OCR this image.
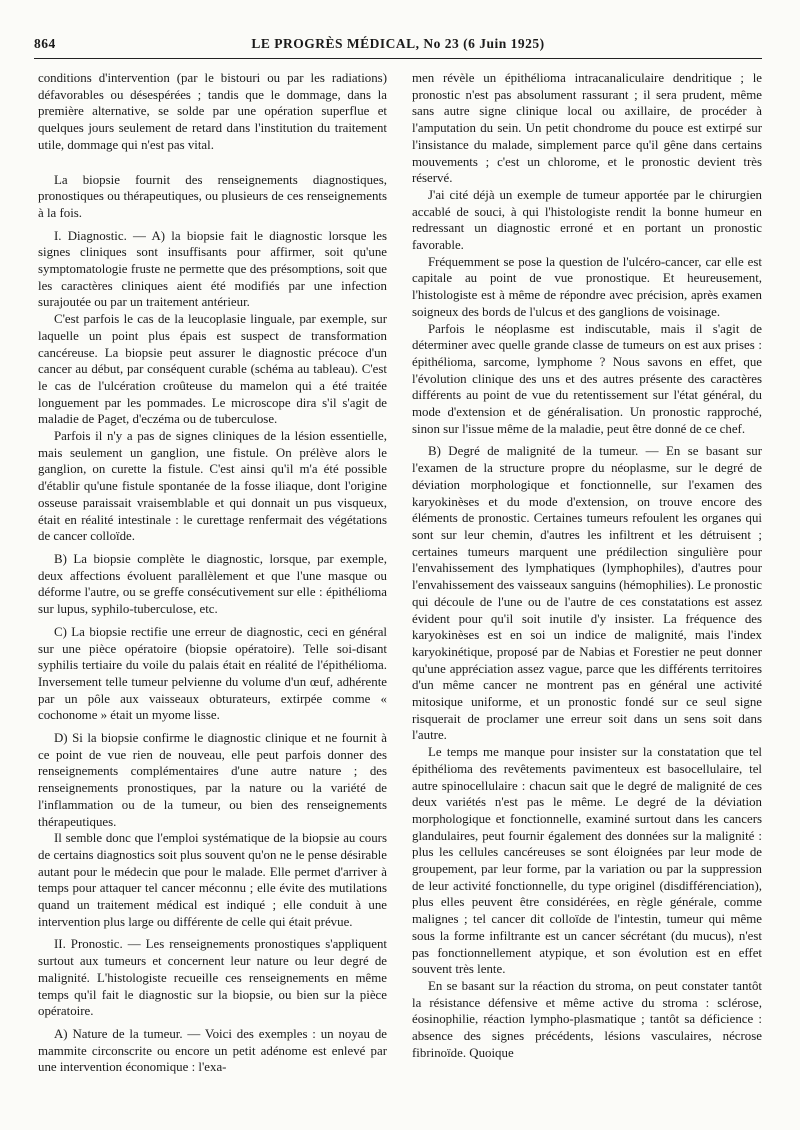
864	LE PROGRÈS MÉDICAL, No 23 (6 Juin 1925)

conditions d'intervention (par le bistouri ou par les radiations) défavorables ou désespérées ; tandis que le dommage, dans la première alternative, se solde par une opération superflue et quelques jours seulement de retard dans l'institution du traitement utile, dommage qui n'est pas vital.

La biopsie fournit des renseignements diagnostiques, pronostiques ou thérapeutiques, ou plusieurs de ces renseignements à la fois.

I. Diagnostic. — A) la biopsie fait le diagnostic lorsque les signes cliniques sont insuffisants pour affirmer, soit qu'une symptomatologie fruste ne permette que des présomptions, soit que les caractères cliniques aient été modifiés par une infection surajoutée ou par un traitement antérieur.

C'est parfois le cas de la leucoplasie linguale, par exemple, sur laquelle un point plus épais est suspect de transformation cancéreuse. La biopsie peut assurer le diagnostic précoce d'un cancer au début, par conséquent curable (schéma au tableau). C'est le cas de l'ulcération croûteuse du mamelon qui a été traitée longuement par les pommades. Le microscope dira s'il s'agit de maladie de Paget, d'eczéma ou de tuberculose.

Parfois il n'y a pas de signes cliniques de la lésion essentielle, mais seulement un ganglion, une fistule. On prélève alors le ganglion, on curette la fistule. C'est ainsi qu'il m'a été possible d'établir qu'une fistule spontanée de la fosse iliaque, dont l'origine osseuse paraissait vraisemblable et qui donnait un pus visqueux, était en réalité intestinale : le curettage renfermait des végétations de cancer colloïde.

B) La biopsie complète le diagnostic, lorsque, par exemple, deux affections évoluent parallèlement et que l'une masque ou déforme l'autre, ou se greffe consécutivement sur elle : épithélioma sur lupus, syphilo-tuberculose, etc.

C) La biopsie rectifie une erreur de diagnostic, ceci en général sur une pièce opératoire (biopsie opératoire). Telle soi-disant syphilis tertiaire du voile du palais était en réalité de l'épithélioma. Inversement telle tumeur pelvienne du volume d'un œuf, adhérente par un pôle aux vaisseaux obturateurs, extirpée comme « cochonome » était un myome lisse.

D) Si la biopsie confirme le diagnostic clinique et ne fournit à ce point de vue rien de nouveau, elle peut parfois donner des renseignements complémentaires d'une autre nature ; des renseignements pronostiques, par la nature ou la variété de l'inflammation ou de la tumeur, ou bien des renseignements thérapeutiques.

Il semble donc que l'emploi systématique de la biopsie au cours de certains diagnostics soit plus souvent qu'on ne le pense désirable autant pour le médecin que pour le malade. Elle permet d'arriver à temps pour attaquer tel cancer méconnu ; elle évite des mutilations quand un traitement médical est indiqué ; elle conduit à une intervention plus large ou différente de celle qui était prévue.

II. Pronostic. — Les renseignements pronostiques s'appliquent surtout aux tumeurs et concernent leur nature ou leur degré de malignité. L'histologiste recueille ces renseignements en même temps qu'il fait le diagnostic sur la biopsie, ou bien sur la pièce opératoire.

A) Nature de la tumeur. — Voici des exemples : un noyau de mammite circonscrite ou encore un petit adénome est enlevé par une intervention économique : l'exa-

men révèle un épithélioma intracanaliculaire dendritique ; le pronostic n'est pas absolument rassurant ; il sera prudent, même sans autre signe clinique local ou axillaire, de procéder à l'amputation du sein. Un petit chondrome du pouce est extirpé sur l'insistance du malade, simplement parce qu'il gêne dans certains mouvements ; c'est un chlorome, et le pronostic devient très réservé.

J'ai cité déjà un exemple de tumeur apportée par le chirurgien accablé de souci, à qui l'histologiste rendit la bonne humeur en redressant un diagnostic erroné et en portant un pronostic favorable.

Fréquemment se pose la question de l'ulcéro-cancer, car elle est capitale au point de vue pronostique. Et heureusement, l'histologiste est à même de répondre avec précision, après examen soigneux des bords de l'ulcus et des ganglions de voisinage.

Parfois le néoplasme est indiscutable, mais il s'agit de déterminer avec quelle grande classe de tumeurs on est aux prises : épithélioma, sarcome, lymphome ? Nous savons en effet, que l'évolution clinique des uns et des autres présente des caractères différents au point de vue du retentissement sur l'état général, du mode d'extension et de généralisation. Un pronostic rapproché, sinon sur l'issue même de la maladie, peut être donné de ce chef.

B) Degré de malignité de la tumeur. — En se basant sur l'examen de la structure propre du néoplasme, sur le degré de déviation morphologique et fonctionnelle, sur l'examen des karyokinèses et du mode d'extension, on trouve encore des éléments de pronostic. Certaines tumeurs refoulent les organes qui sont sur leur chemin, d'autres les infiltrent et les détruisent ; certaines tumeurs marquent une prédilection singulière pour l'envahissement des lymphatiques (lymphophiles), d'autres pour l'envahissement des vaisseaux sanguins (hémophilies). Le pronostic qui découle de l'une ou de l'autre de ces constatations est assez évident pour qu'il soit inutile d'y insister. La fréquence des karyokinèses est en soi un indice de malignité, mais l'index karyokinétique, proposé par de Nabias et Forestier ne peut donner qu'une appréciation assez vague, parce que les différents territoires d'un même cancer ne montrent pas en général une activité mitosique uniforme, et un pronostic fondé sur ce seul signe risquerait de proclamer une erreur soit dans un sens soit dans l'autre.

Le temps me manque pour insister sur la constatation que tel épithélioma des revêtements pavimenteux est basocellulaire, tel autre spinocellulaire : chacun sait que le degré de malignité de ces deux variétés n'est pas le même. Le degré de la déviation morphologique et fonctionnelle, examiné surtout dans les cancers glandulaires, peut fournir également des données sur la malignité : plus les cellules cancéreuses se sont éloignées par leur mode de groupement, par leur forme, par la variation ou par la suppression de leur activité fonctionnelle, du type originel (disdifférenciation), plus elles peuvent être considérées, en règle générale, comme malignes ; tel cancer dit colloïde de l'intestin, tumeur qui même sous la forme infiltrante est un cancer sécrétant (du mucus), n'est pas fonctionnellement atypique, et son évolution est en effet souvent très lente.

En se basant sur la réaction du stroma, on peut constater tantôt la résistance défensive et même active du stroma : sclérose, éosinophilie, réaction lympho-plasmatique ; tantôt sa déficience : absence des signes précédents, lésions vasculaires, nécrose fibrinoïde. Quoique
